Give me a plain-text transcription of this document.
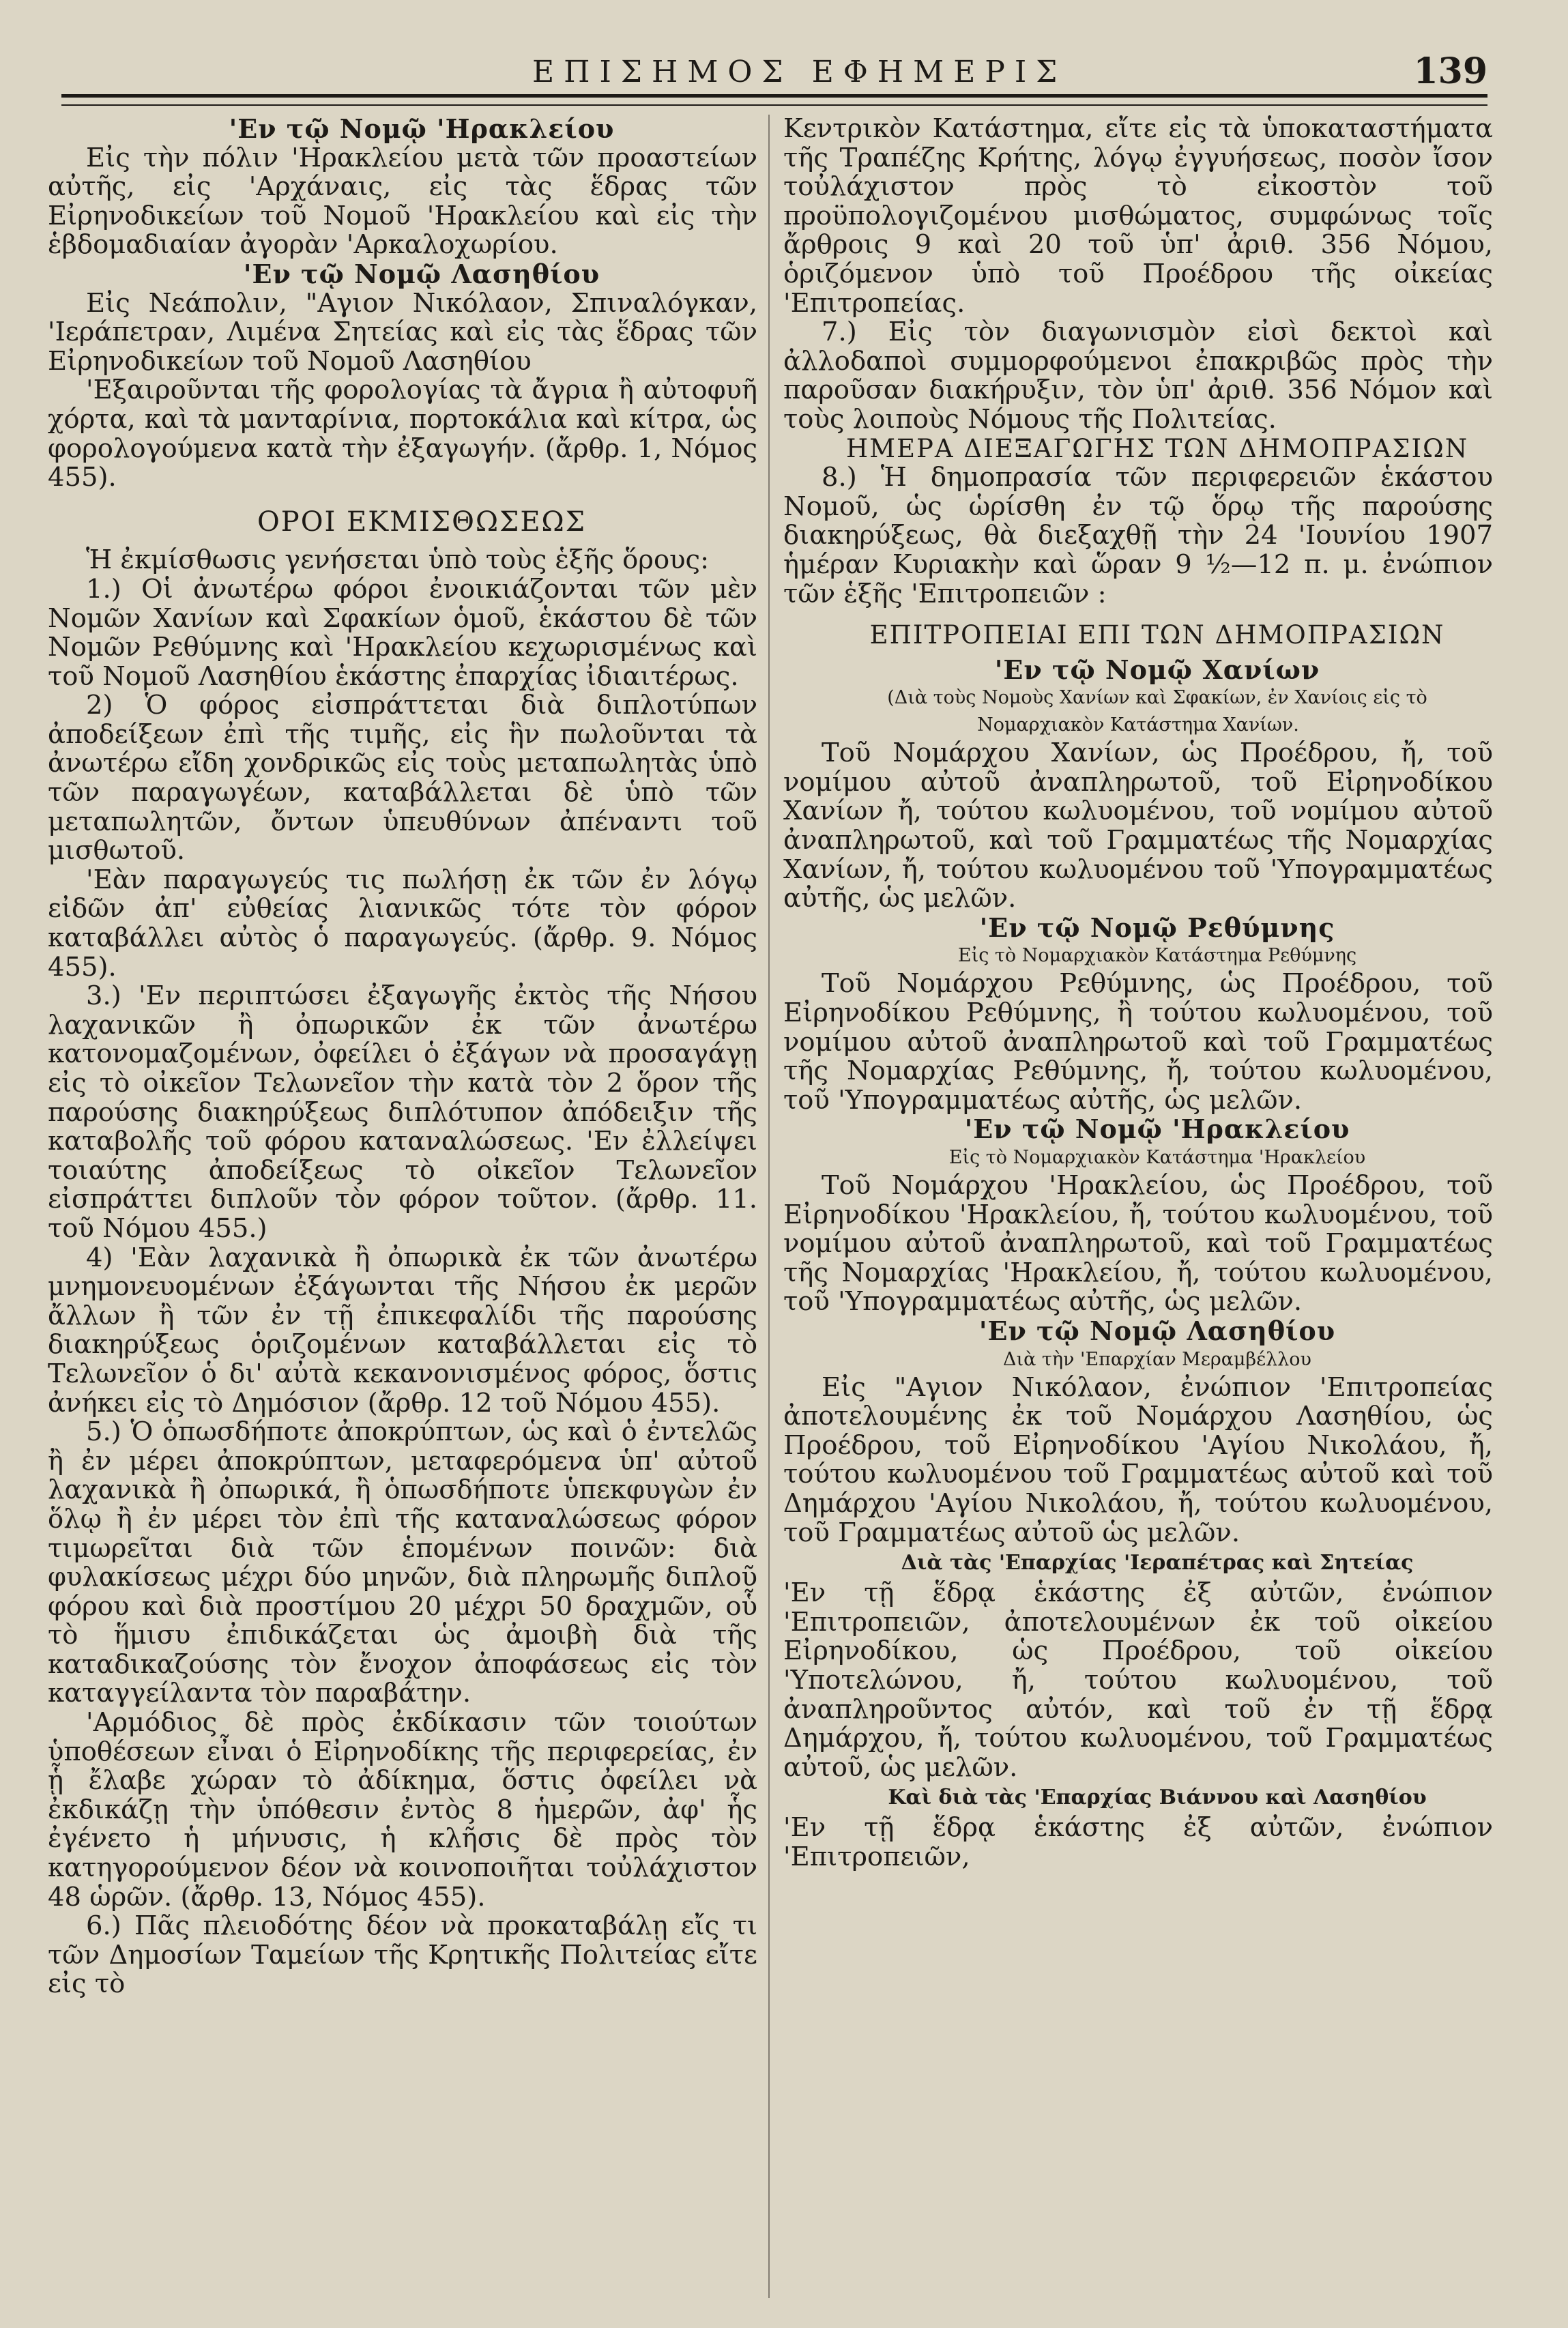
ΕΠΙΣΗΜΟΣ ΕΦΗΜΕΡΙΣ	139

'Εν τῷ Νομῷ 'Ηρακλείου

Εἰς τὴν πόλιν 'Ηρακλείου μετὰ τῶν προαστείων αὐτῆς, εἰς 'Αρχάναις, εἰς τὰς ἕδρας τῶν Εἰρηνοδικείων τοῦ Νομοῦ 'Ηρακλείου καὶ εἰς τὴν ἑβδομαδιαίαν ἀγορὰν 'Αρκαλοχωρίου.

'Εν τῷ Νομῷ Λασηθίου

Εἰς Νεάπολιν, "Αγιον Νικόλαον, Σπιναλόγκαν, 'Ιεράπετραν, Λιμένα Σητείας καὶ εἰς τὰς ἕδρας τῶν Εἰρηνοδικείων τοῦ Νομοῦ Λασηθίου

'Εξαιροῦνται τῆς φορολογίας τὰ ἄγρια ἢ αὐτοφυῆ χόρτα, καὶ τὰ μανταρίνια, πορτοκάλια καὶ κίτρα, ὡς φορολογούμενα κατὰ τὴν ἐξαγωγήν. (ἄρθρ. 1, Νόμος 455).

ΟΡΟΙ ΕΚΜΙΣΘΩΣΕΩΣ

Ἡ ἐκμίσθωσις γενήσεται ὑπὸ τοὺς ἑξῆς ὅρους:

1.) Οἱ ἀνωτέρω φόροι ἐνοικιάζονται τῶν μὲν Νομῶν Χανίων καὶ Σφακίων ὁμοῦ, ἑκάστου δὲ τῶν Νομῶν Ρεθύμνης καὶ 'Ηρακλείου κεχωρισμένως καὶ τοῦ Νομοῦ Λασηθίου ἑκάστης ἐπαρχίας ἰδιαιτέρως.

2) Ὁ φόρος εἰσπράττεται διὰ διπλοτύπων ἀποδείξεων ἐπὶ τῆς τιμῆς, εἰς ἣν πωλοῦνται τὰ ἀνωτέρω εἴδη χονδρικῶς εἰς τοὺς μεταπωλητὰς ὑπὸ τῶν παραγωγέων, καταβάλλεται δὲ ὑπὸ τῶν μεταπωλητῶν, ὄντων ὑπευθύνων ἀπέναντι τοῦ μισθωτοῦ.

'Εὰν παραγωγεύς τις πωλήσῃ ἐκ τῶν ἐν λόγῳ εἰδῶν ἀπ' εὐθείας λιανικῶς τότε τὸν φόρον καταβάλλει αὐτὸς ὁ παραγωγεύς. (ἄρθρ. 9. Νόμος 455).

3.) 'Εν περιπτώσει ἐξαγωγῆς ἐκτὸς τῆς Νήσου λαχανικῶν ἢ ὀπωρικῶν ἐκ τῶν ἀνωτέρω κατονομαζομένων, ὀφείλει ὁ ἐξάγων νὰ προσαγάγῃ εἰς τὸ οἰκεῖον Τελωνεῖον τὴν κατὰ τὸν 2 ὅρον τῆς παρούσης διακηρύξεως διπλότυπον ἀπόδειξιν τῆς καταβολῆς τοῦ φόρου καταναλώσεως. 'Εν ἐλλείψει τοιαύτης ἀποδείξεως τὸ οἰκεῖον Τελωνεῖον εἰσπράττει διπλοῦν τὸν φόρον τοῦτον. (ἄρθρ. 11. τοῦ Νόμου 455.)

4) 'Εὰν λαχανικὰ ἢ ὀπωρικὰ ἐκ τῶν ἀνωτέρω μνημονευομένων ἐξάγωνται τῆς Νήσου ἐκ μερῶν ἄλλων ἢ τῶν ἐν τῇ ἐπικεφαλίδι τῆς παρούσης διακηρύξεως ὁριζομένων καταβάλλεται εἰς τὸ Τελωνεῖον ὁ δι' αὐτὰ κεκανονισμένος φόρος, ὅστις ἀνήκει εἰς τὸ Δημόσιον (ἄρθρ. 12 τοῦ Νόμου 455).

5.) Ὁ ὁπωσδήποτε ἀποκρύπτων, ὡς καὶ ὁ ἐντελῶς ἢ ἐν μέρει ἀποκρύπτων, μεταφερόμενα ὑπ' αὐτοῦ λαχανικὰ ἢ ὀπωρικά, ἢ ὁπωσδήποτε ὑπεκφυγὼν ἐν ὅλῳ ἢ ἐν μέρει τὸν ἐπὶ τῆς καταναλώσεως φόρον τιμωρεῖται διὰ τῶν ἑπομένων ποινῶν: διὰ φυλακίσεως μέχρι δύο μηνῶν, διὰ πληρωμῆς διπλοῦ φόρου καὶ διὰ προστίμου 20 μέχρι 50 δραχμῶν, οὗ τὸ ἥμισυ ἐπιδικάζεται ὡς ἀμοιβὴ διὰ τῆς καταδικαζούσης τὸν ἔνοχον ἀποφάσεως εἰς τὸν καταγγείλαντα τὸν παραβάτην.

'Αρμόδιος δὲ πρὸς ἐκδίκασιν τῶν τοιούτων ὑποθέσεων εἶναι ὁ Εἰρηνοδίκης τῆς περιφερείας, ἐν ᾗ ἔλαβε χώραν τὸ ἀδίκημα, ὅστις ὀφείλει νὰ ἐκδικάζῃ τὴν ὑπόθεσιν ἐντὸς 8 ἡμερῶν, ἀφ' ἧς ἐγένετο ἡ μήνυσις, ἡ κλῆσις δὲ πρὸς τὸν κατηγορούμενον δέον νὰ κοινοποιῆται τοὐλάχιστον 48 ὡρῶν. (ἄρθρ. 13, Νόμος 455).

6.) Πᾶς πλειοδότης δέον νὰ προκαταβάλῃ εἴς τι τῶν Δημοσίων Ταμείων τῆς Κρητικῆς Πολιτείας εἴτε εἰς τὸ

Κεντρικὸν Κατάστημα, εἴτε εἰς τὰ ὑποκαταστήματα τῆς Τραπέζης Κρήτης, λόγῳ ἐγγυήσεως, ποσὸν ἴσον τοὐλάχιστον πρὸς τὸ εἰκοστὸν τοῦ προϋπολογιζομένου μισθώματος, συμφώνως τοῖς ἄρθροις 9 καὶ 20 τοῦ ὑπ' ἀριθ. 356 Νόμου, ὁριζόμενον ὑπὸ τοῦ Προέδρου τῆς οἰκείας 'Επιτροπείας.

7.) Εἰς τὸν διαγωνισμὸν εἰσὶ δεκτοὶ καὶ ἀλλοδαποὶ συμμορφούμενοι ἐπακριβῶς πρὸς τὴν παροῦσαν διακήρυξιν, τὸν ὑπ' ἀριθ. 356 Νόμον καὶ τοὺς λοιποὺς Νόμους τῆς Πολιτείας.

ΗΜΕΡΑ ΔΙΕΞΑΓΩΓΗΣ ΤΩΝ ΔΗΜΟΠΡΑΣΙΩΝ

8.) Ἡ δημοπρασία τῶν περιφερειῶν ἑκάστου Νομοῦ, ὡς ὡρίσθη ἐν τῷ ὅρῳ τῆς παρούσης διακηρύξεως, θὰ διεξαχθῇ τὴν 24 'Ιουνίου 1907 ἡμέραν Κυριακὴν καὶ ὥραν 9 ½—12 π. μ. ἐνώπιον τῶν ἑξῆς 'Επιτροπειῶν :

ΕΠΙΤΡΟΠΕΙΑΙ ΕΠΙ ΤΩΝ ΔΗΜΟΠΡΑΣΙΩΝ

'Εν τῷ Νομῷ Χανίων

(Διὰ τοὺς Νομοὺς Χανίων καὶ Σφακίων, ἐν Χανίοις εἰς τὸ Νομαρχιακὸν Κατάστημα Χανίων.

Τοῦ Νομάρχου Χανίων, ὡς Προέδρου, ἤ, τοῦ νομίμου αὐτοῦ ἀναπληρωτοῦ, τοῦ Εἰρηνοδίκου Χανίων ἤ, τούτου κωλυομένου, τοῦ νομίμου αὐτοῦ ἀναπληρωτοῦ, καὶ τοῦ Γραμματέως τῆς Νομαρχίας Χανίων, ἤ, τούτου κωλυομένου τοῦ 'Υπογραμματέως αὐτῆς, ὡς μελῶν.

'Εν τῷ Νομῷ Ρεθύμνης

Εἰς τὸ Νομαρχιακὸν Κατάστημα Ρεθύμνης

Τοῦ Νομάρχου Ρεθύμνης, ὡς Προέδρου, τοῦ Εἰρηνοδίκου Ρεθύμνης, ἢ τούτου κωλυομένου, τοῦ νομίμου αὐτοῦ ἀναπληρωτοῦ καὶ τοῦ Γραμματέως τῆς Νομαρχίας Ρεθύμνης, ἤ, τούτου κωλυομένου, τοῦ 'Υπογραμματέως αὐτῆς, ὡς μελῶν.

'Εν τῷ Νομῷ 'Ηρακλείου

Εἰς τὸ Νομαρχιακὸν Κατάστημα 'Ηρακλείου

Τοῦ Νομάρχου 'Ηρακλείου, ὡς Προέδρου, τοῦ Εἰρηνοδίκου 'Ηρακλείου, ἤ, τούτου κωλυομένου, τοῦ νομίμου αὐτοῦ ἀναπληρωτοῦ, καὶ τοῦ Γραμματέως τῆς Νομαρχίας 'Ηρακλείου, ἤ, τούτου κωλυομένου, τοῦ 'Υπογραμματέως αὐτῆς, ὡς μελῶν.

'Εν τῷ Νομῷ Λασηθίου

Διὰ τὴν 'Επαρχίαν Μεραμβέλλου

Εἰς "Αγιον Νικόλαον, ἐνώπιον 'Επιτροπείας ἀποτελουμένης ἐκ τοῦ Νομάρχου Λασηθίου, ὡς Προέδρου, τοῦ Εἰρηνοδίκου 'Αγίου Νικολάου, ἤ, τούτου κωλυομένου τοῦ Γραμματέως αὐτοῦ καὶ τοῦ Δημάρχου 'Αγίου Νικολάου, ἤ, τούτου κωλυομένου, τοῦ Γραμματέως αὐτοῦ ὡς μελῶν.

Διὰ τὰς 'Επαρχίας 'Ιεραπέτρας καὶ Σητείας

'Εν τῇ ἕδρᾳ ἑκάστης ἐξ αὐτῶν, ἐνώπιον 'Επιτροπειῶν, ἀποτελουμένων ἐκ τοῦ οἰκείου Εἰρηνοδίκου, ὡς Προέδρου, τοῦ οἰκείου 'Υποτελώνου, ἤ, τούτου κωλυομένου, τοῦ ἀναπληροῦντος αὐτόν, καὶ τοῦ ἐν τῇ ἕδρᾳ Δημάρχου, ἤ, τούτου κωλυομένου, τοῦ Γραμματέως αὐτοῦ, ὡς μελῶν.

Καὶ διὰ τὰς 'Επαρχίας Βιάννου καὶ Λασηθίου

'Εν τῇ ἕδρᾳ ἑκάστης ἐξ αὐτῶν, ἐνώπιον 'Επιτροπειῶν,
